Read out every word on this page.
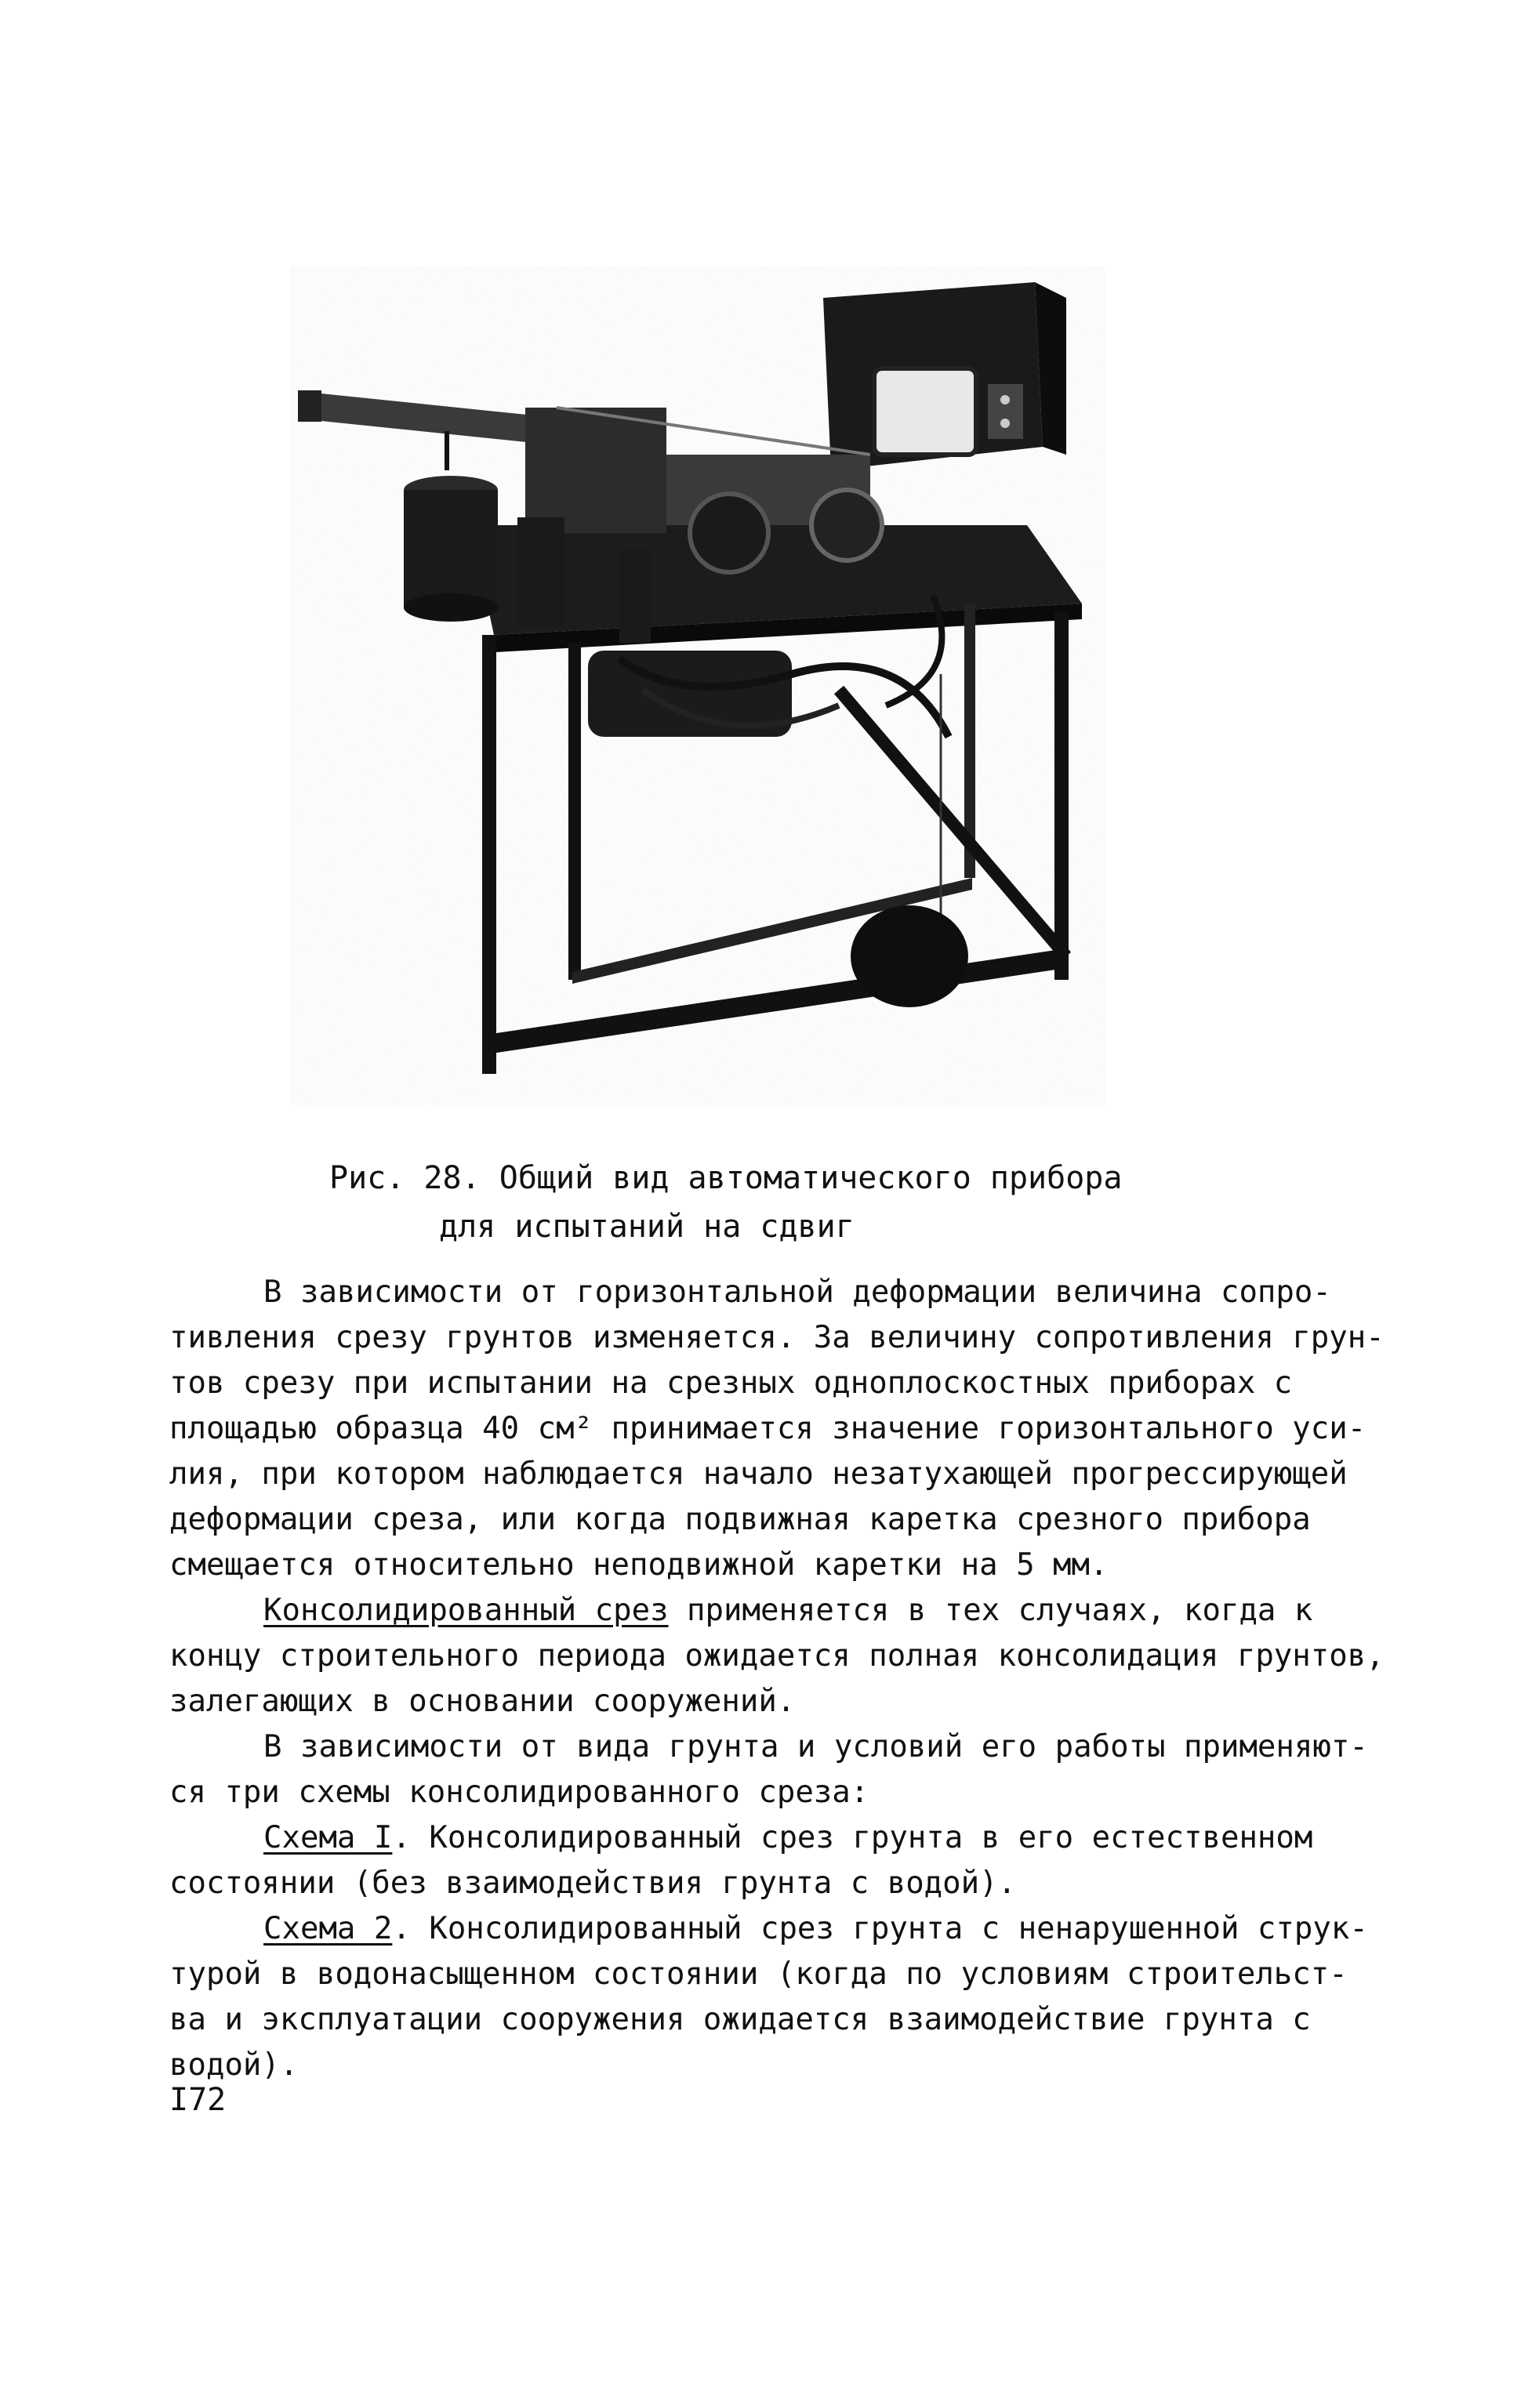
Рис. 28. Общий вид автоматического прибора
для испытаний на сдвиг

В зависимости от горизонтальной деформации величина сопро-
тивления срезу грунтов изменяется. За величину сопротивления грун-
тов срезу при испытании на срезных одноплоскостных приборах с
площадью образца 40 см² принимается значение горизонтального уси-
лия, при котором наблюдается начало незатухающей прогрессирующей
деформации среза, или когда подвижная каретка срезного прибора
смещается относительно неподвижной каретки на 5 мм.

Консолидированный срез применяется в тех случаях, когда к
концу строительного периода ожидается полная консолидация грунтов,
залегающих в основании сооружений.

В зависимости от вида грунта и условий его работы применяют-
ся три схемы консолидированного среза:

Схема I. Консолидированный срез грунта в его естественном
состоянии (без взаимодействия грунта с водой).

Схема 2. Консолидированный срез грунта с ненарушенной струк-
турой в водонасыщенном состоянии (когда по условиям строительст-
ва и эксплуатации сооружения ожидается взаимодействие грунта с
водой).

I72
